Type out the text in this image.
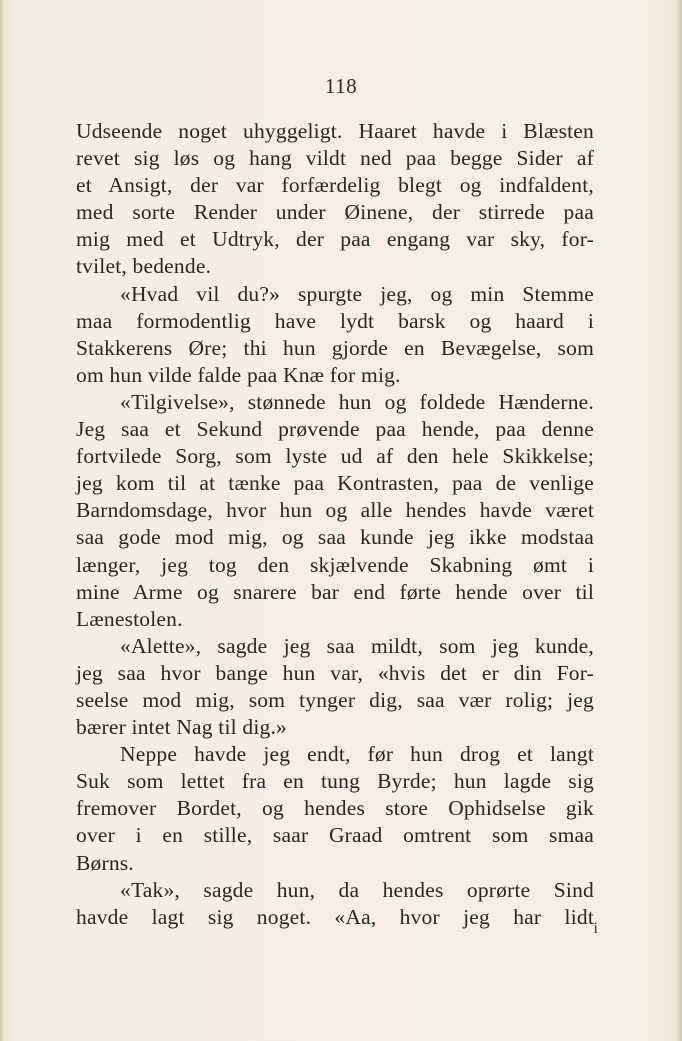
118
Udseende noget uhyggeligt. Haaret havde i Blæsten
revet sig løs og hang vildt ned paa begge Sider af
et Ansigt, der var forfærdelig blegt og indfaldent,
med sorte Render under Øinene, der stirrede paa
mig med et Udtryk, der paa engang var sky, for-
tvilet, bedende.
«Hvad vil du?» spurgte jeg, og min Stemme
maa formodentlig have lydt barsk og haard i
Stakkerens Øre; thi hun gjorde en Bevægelse, som
om hun vilde falde paa Knæ for mig.
«Tilgivelse», stønnede hun og foldede Hænderne.
Jeg saa et Sekund prøvende paa hende, paa denne
fortvilede Sorg, som lyste ud af den hele Skikkelse;
jeg kom til at tænke paa Kontrasten, paa de venlige
Barndomsdage, hvor hun og alle hendes havde været
saa gode mod mig, og saa kunde jeg ikke modstaa
længer, jeg tog den skjælvende Skabning ømt i
mine Arme og snarere bar end førte hende over til
Lænestolen.
«Alette», sagde jeg saa mildt, som jeg kunde,
jeg saa hvor bange hun var, «hvis det er din For-
seelse mod mig, som tynger dig, saa vær rolig; jeg
bærer intet Nag til dig.»
Neppe havde jeg endt, før hun drog et langt
Suk som lettet fra en tung Byrde; hun lagde sig
fremover Bordet, og hendes store Ophidselse gik
over i en stille, saar Graad omtrent som smaa
Børns.
«Tak», sagde hun, da hendes oprørte Sind
havde lagt sig noget. «Aa, hvor jeg har lidt i
